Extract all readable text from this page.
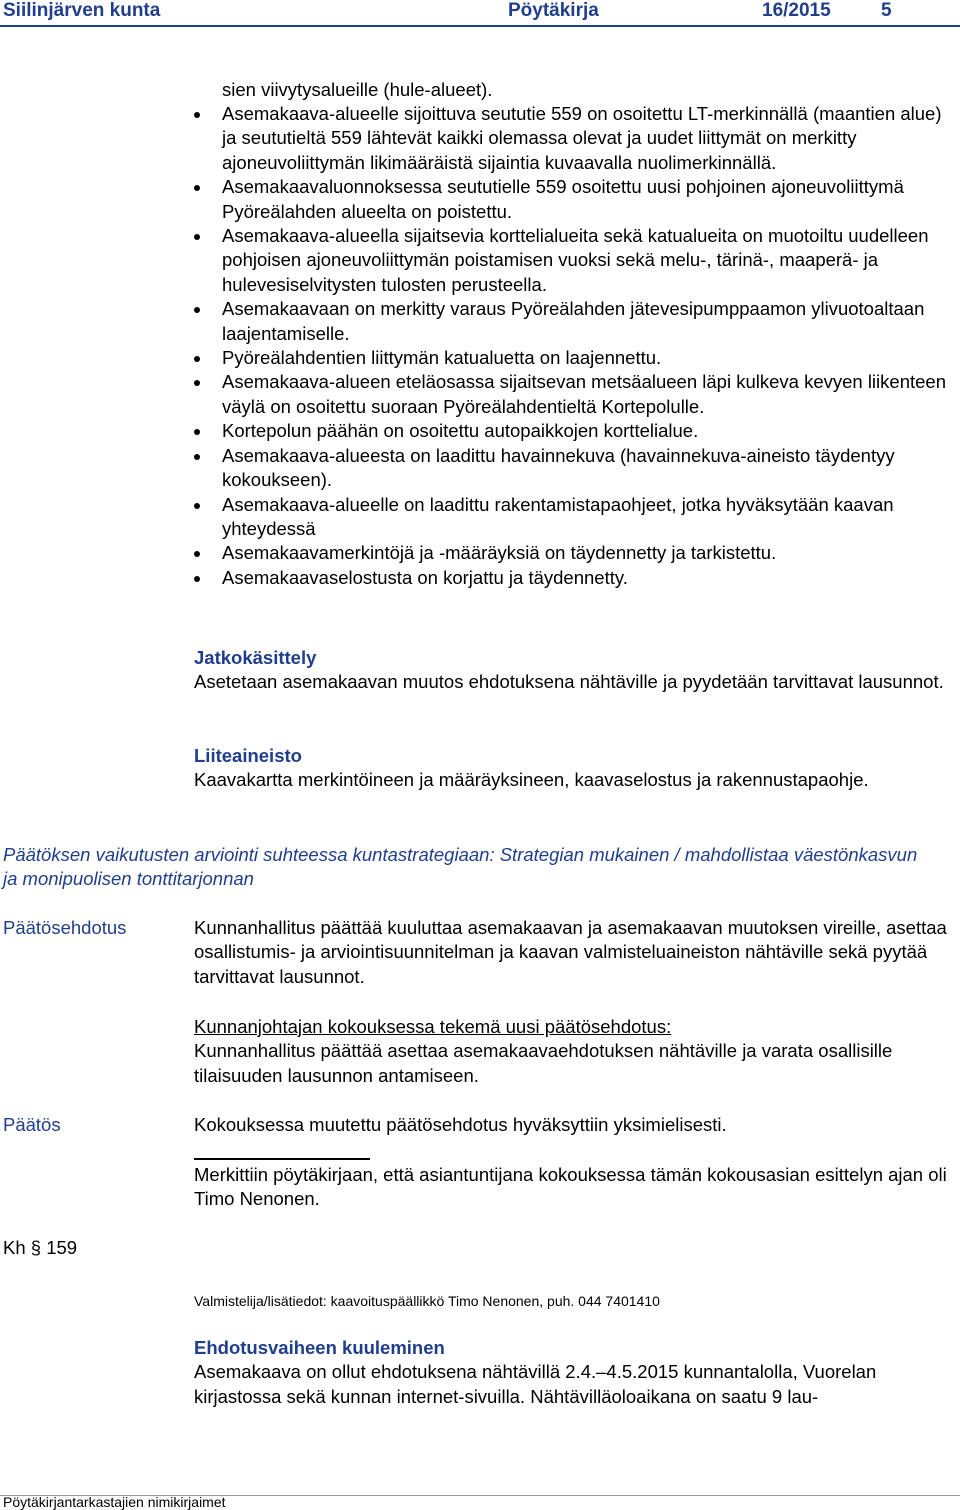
Siilinjärven kunta	Pöytäkirja	16/2015	5
sien viivytysalueille (hule-alueet).
Asemakaava-alueelle sijoittuva seututie 559 on osoitettu LT-merkinnällä (maantien alue) ja seututieltä 559 lähtevät kaikki olemassa olevat ja uudet liittymät on merkitty ajoneuvoliittymän likimääräistä sijaintia kuvaavalla nuolimerkinnällä.
Asemakaavaluonnoksessa seututielle 559 osoitettu uusi pohjoinen ajoneuvoliittymä Pyöreälahden alueelta on poistettu.
Asemakaava-alueella sijaitsevia korttelialueita sekä katualueita on muotoiltu uudelleen pohjoisen ajoneuvoliittymän poistamisen vuoksi sekä melu-, tärinä-, maaperä- ja hulevesiselvitysten tulosten perusteella.
Asemakaavaan on merkitty varaus Pyöreälahden jätevesipumppaamon ylivuotoaltaan laajentamiselle.
Pyöreälahdentien liittymän katualuetta on laajennettu.
Asemakaava-alueen eteläosassa sijaitsevan metsäalueen läpi kulkeva kevyen liikenteen väylä on osoitettu suoraan Pyöreälahdentieltä Kortepolulle.
Kortepolun päähän on osoitettu autopaikkojen korttelialue.
Asemakaava-alueesta on laadittu havainnekuva (havainnekuva-aineisto täydentyy kokoukseen).
Asemakaava-alueelle on laadittu rakentamistapaohjeet, jotka hyväksytään kaavan yhteydessä
Asemakaavamerkintöjä ja -määräyksiä on täydennetty ja tarkistettu.
Asemakaavaselostusta on korjattu ja täydennetty.
Jatkokäsittely
Asetetaan asemakaavan muutos ehdotuksena nähtäville ja pyydetään tarvittavat lausunnot.
Liiteaineisto
Kaavakartta merkintöineen ja määräyksineen, kaavaselostus ja rakennustapaohje.
Päätöksen vaikutusten arviointi suhteessa kuntastrategiaan: Strategian mukainen / mahdollistaa väestönkasvun ja monipuolisen tonttitarjonnan
Päätösehdotus	Kunnanhallitus päättää kuuluttaa asemakaavan ja asemakaavan muutoksen vireille, asettaa osallistumis- ja arviointisuunnitelman ja kaavan valmisteluaineiston nähtäville sekä pyytää tarvittavat lausunnot.
Kunnanjohtajan kokouksessa tekemä uusi päätösehdotus:
Kunnanhallitus päättää asettaa asemakaavaehdotuksen nähtäville ja varata osallisille tilaisuuden lausunnon antamiseen.
Päätös	Kokouksessa muutettu päätösehdotus hyväksyttiin yksimielisesti.
Merkittiin pöytäkirjaan, että asiantuntijana kokouksessa tämän kokousasian esittelyn ajan oli Timo Nenonen.
Kh § 159
Valmistelija/lisätiedot: kaavoituspäällikkö Timo Nenonen, puh. 044 7401410
Ehdotusvaiheen kuuleminen
Asemakaava on ollut ehdotuksena nähtävillä 2.4.–4.5.2015 kunnantalolla, Vuorelan kirjastossa sekä kunnan internet-sivuilla. Nähtävilläoloaikana on saatu 9 lau-
Pöytäkirjantarkastajien nimikirjaimet
